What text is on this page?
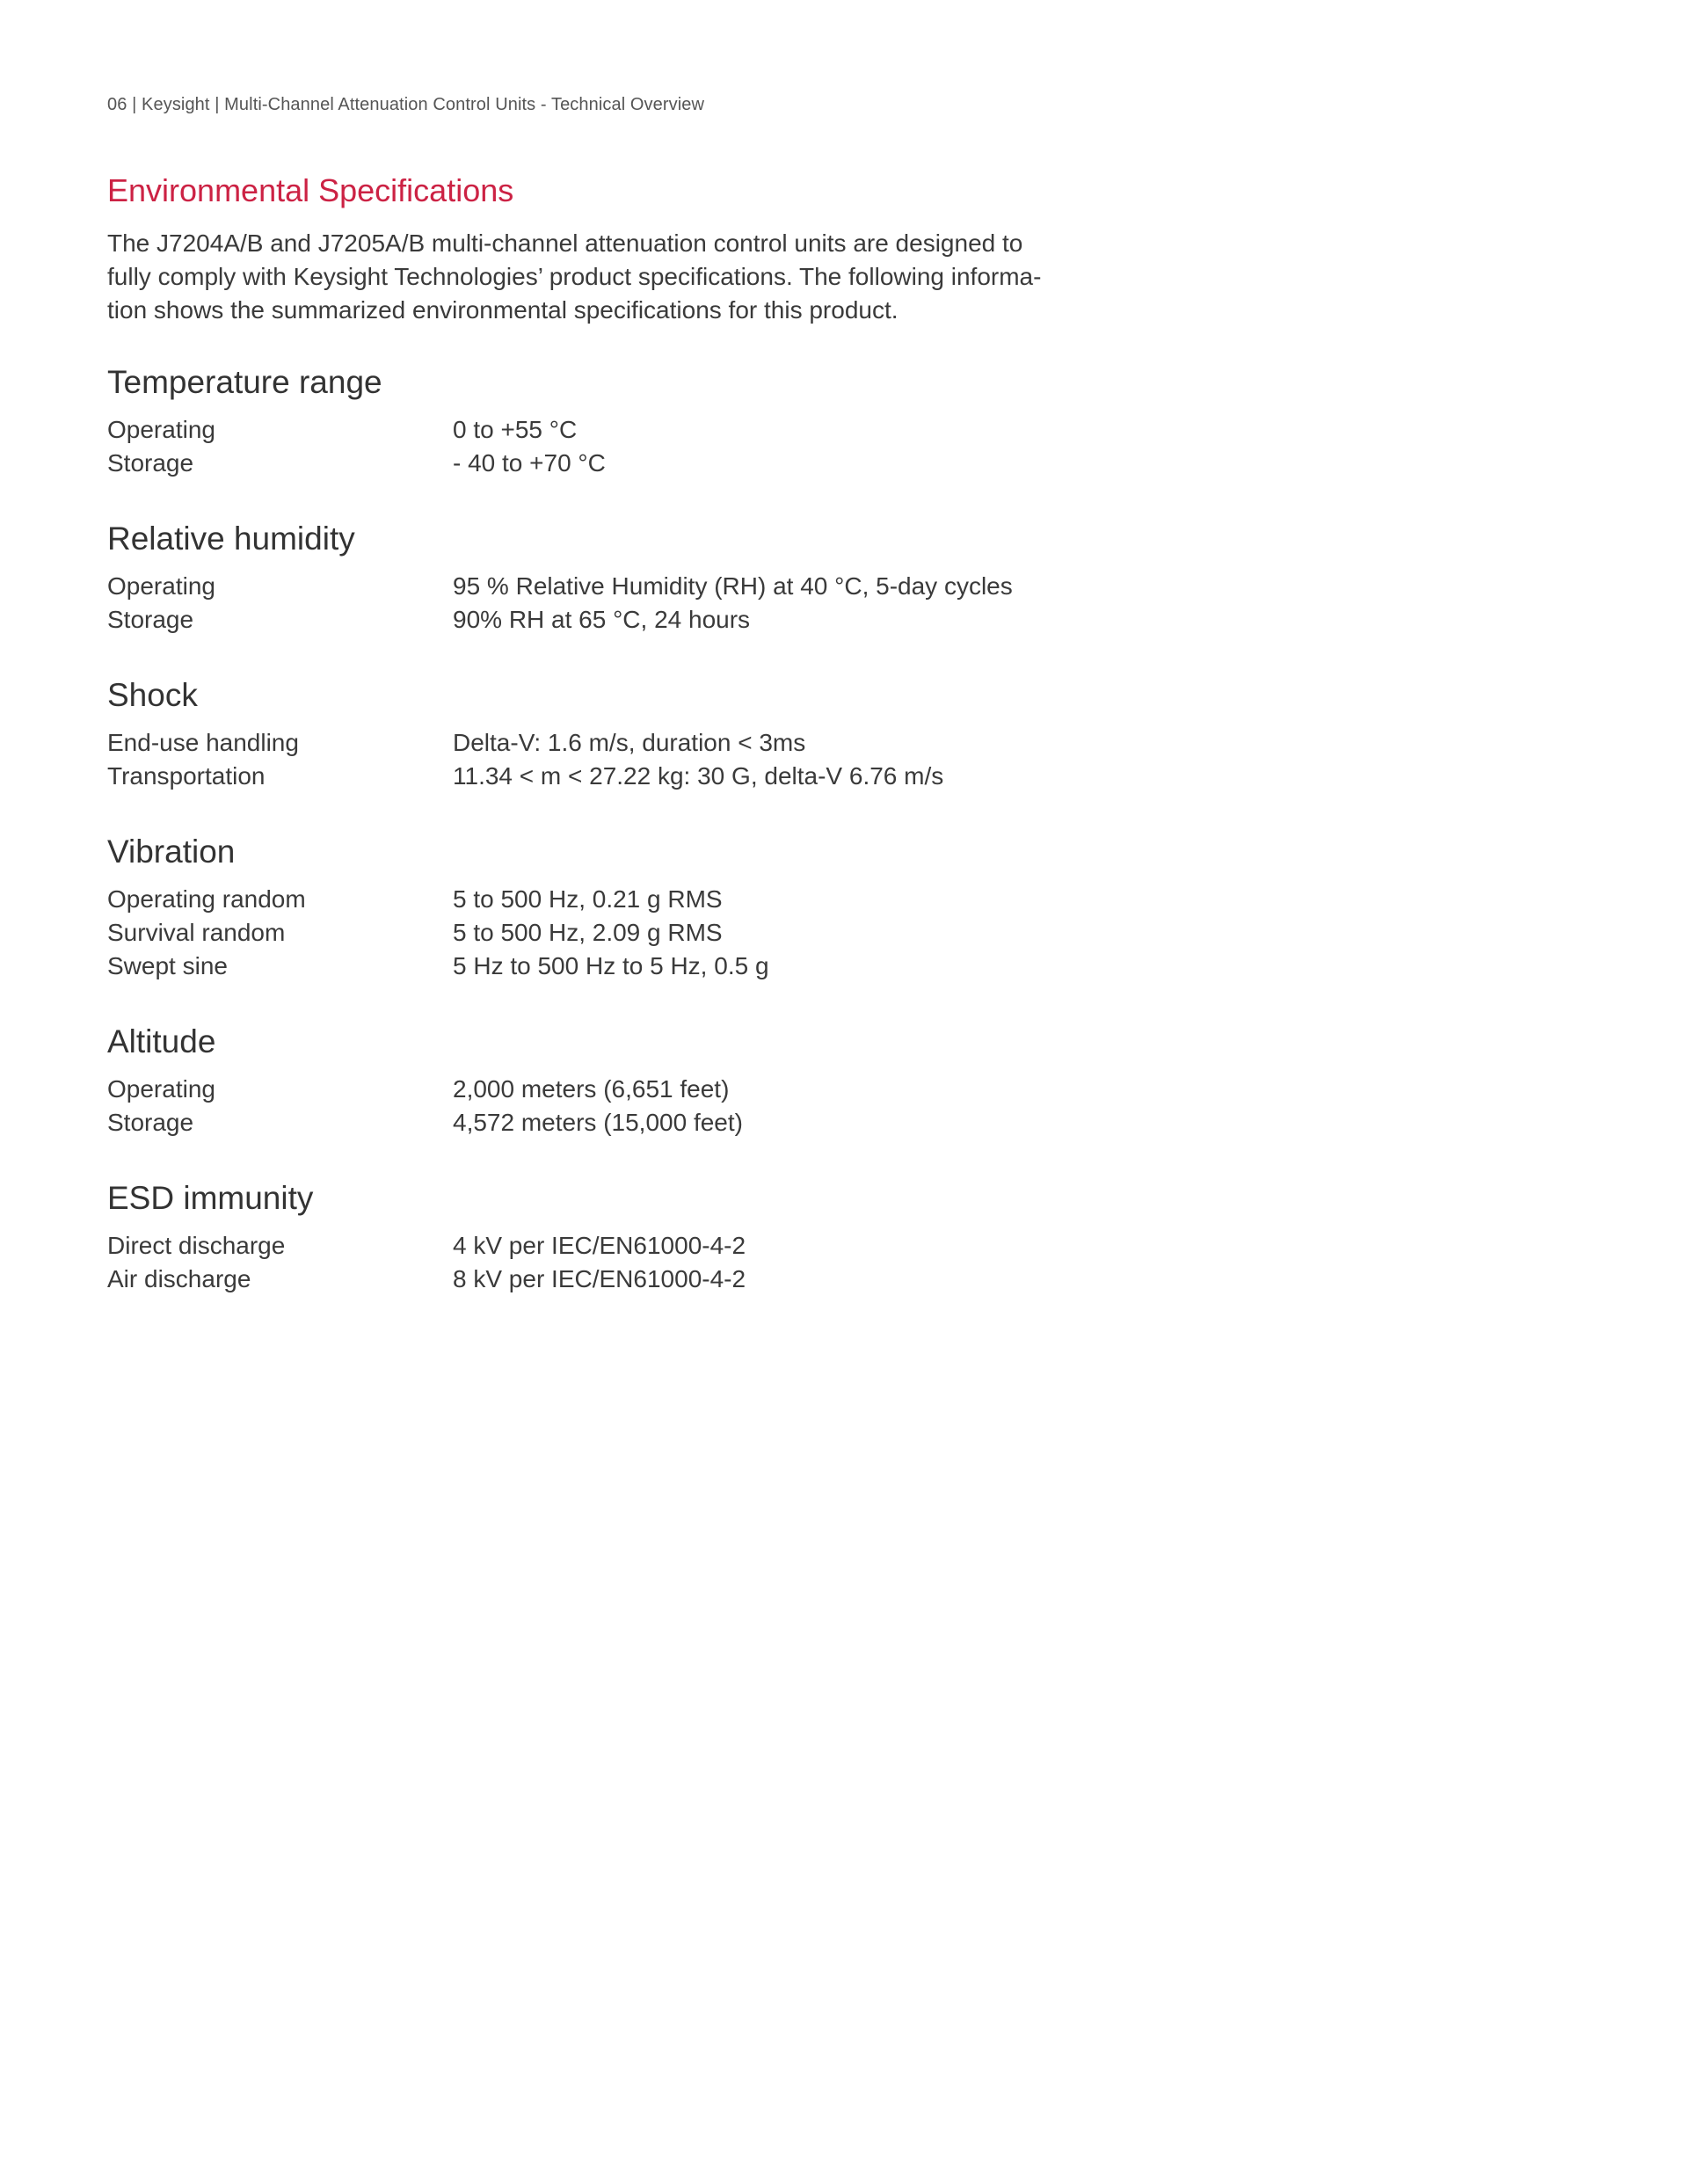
06 | Keysight | Multi-Channel Attenuation Control Units - Technical Overview
Environmental Specifications

The J7204A/B and J7205A/B multi-channel attenuation control units are designed to
fully comply with Keysight Technologies’ product specifications. The following informa-
tion shows the summarized environmental specifications for this product.

Temperature range
Operating	0 to +55 °C
Storage	- 40 to +70 °C
Relative humidity
Operating	95 % Relative Humidity (RH) at 40 °C, 5-day cycles
Storage	90% RH at 65 °C, 24 hours
Shock
End-use handling	Delta-V: 1.6 m/s, duration < 3ms
Transportation	11.34 < m < 27.22 kg: 30 G, delta-V 6.76 m/s
Vibration
Operating random	5 to 500 Hz, 0.21 g RMS
Survival random	5 to 500 Hz, 2.09 g RMS
Swept sine	5 Hz to 500 Hz to 5 Hz, 0.5 g
Altitude
Operating	2,000 meters (6,651 feet)
Storage	4,572 meters (15,000 feet)
ESD immunity
Direct discharge	4 kV per IEC/EN61000-4-2
Air discharge	8 kV per IEC/EN61000-4-2
